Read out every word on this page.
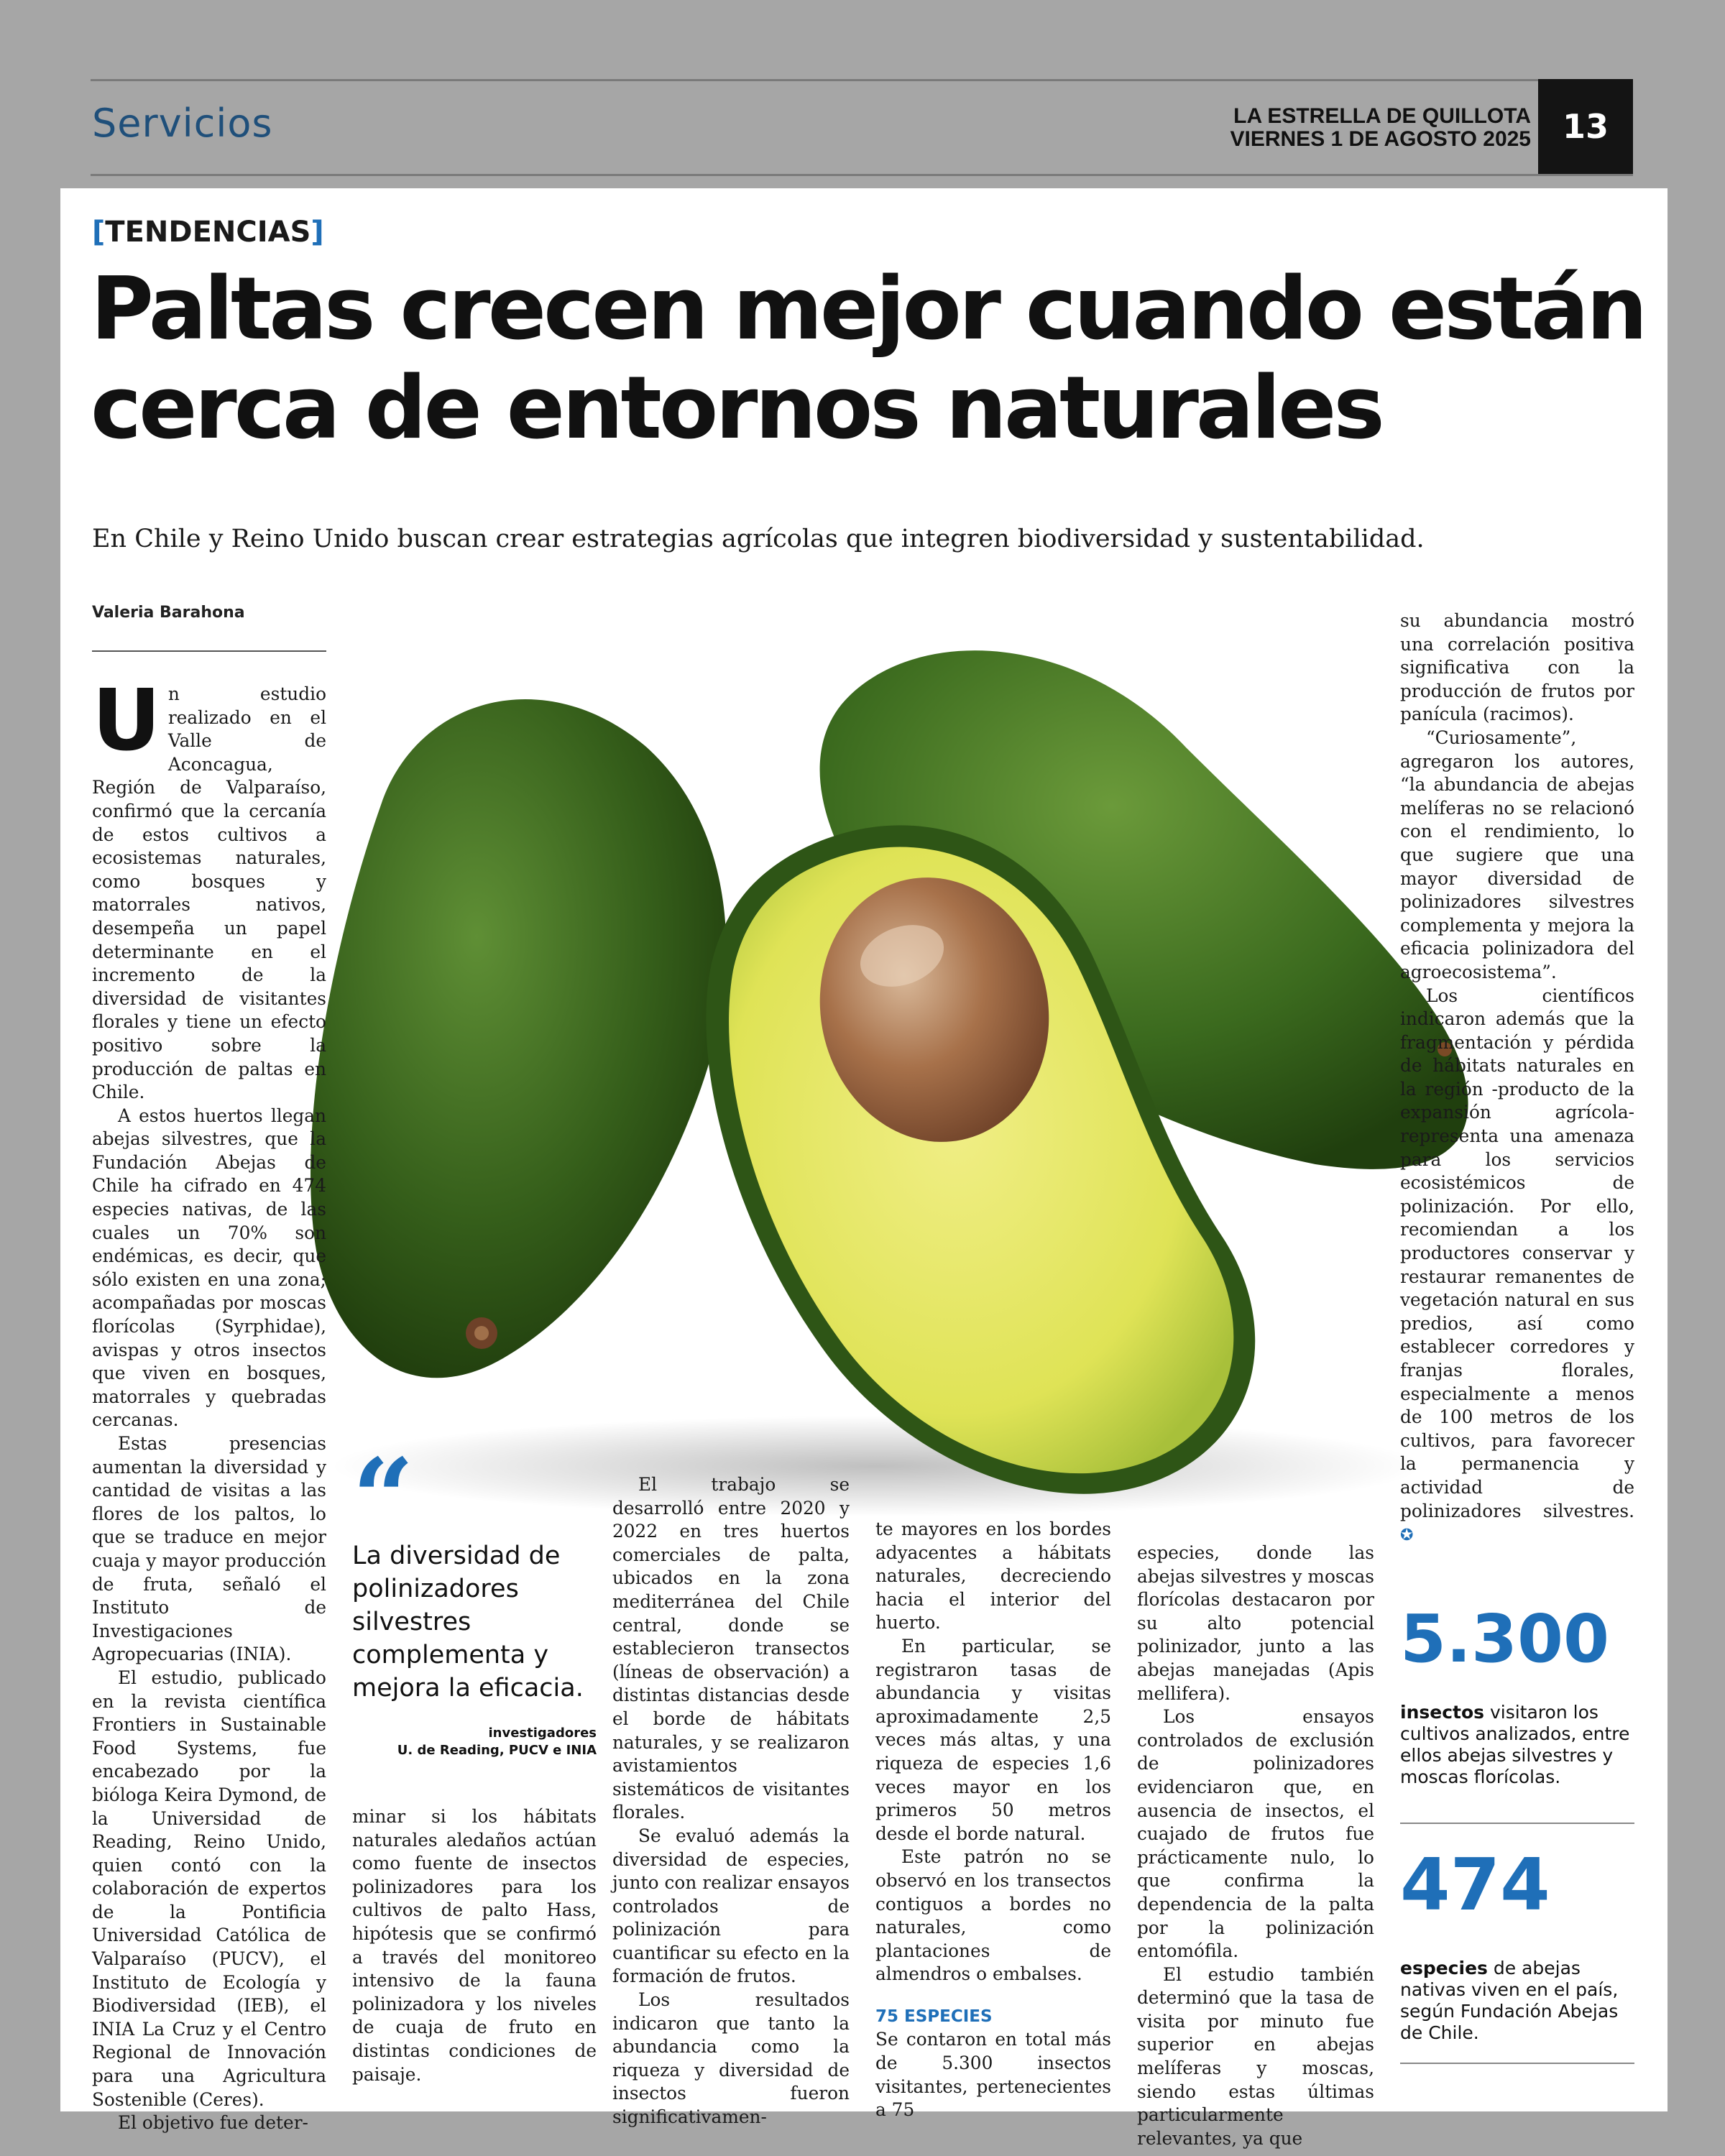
Servicios	LA ESTRELLA DE QUILLOTA
VIERNES 1 DE AGOSTO 2025 13
[TENDENCIAS]
Paltas crecen mejor cuando están
cerca de entornos naturales
En Chile y Reino Unido buscan crear estrategias agrícolas que integren biodiversidad y sustentabilidad.
Valeria Barahona

Un estudio realizado en el Valle de Aconcagua, Región de Valparaíso, confirmó que la cercanía de estos cultivos a ecosistemas naturales, como bosques y matorrales nativos, desempeña un papel determinante en el incremento de la diversidad de visitantes florales y tiene un efecto positivo sobre la producción de paltas en Chile.

A estos huertos llegan abejas silvestres, que la Fundación Abejas de Chile ha cifrado en 474 especies nativas, de las cuales un 70% son endémicas, es decir, que sólo existen en una zona; acompañadas por moscas florícolas (Syrphidae), avispas y otros insectos que viven en bosques, matorrales y quebradas cercanas.

Estas presencias aumentan la diversidad y cantidad de visitas a las flores de los paltos, lo que se traduce en mejor cuaja y mayor producción de fruta, señaló el Instituto de Investigaciones Agropecuarias (INIA).

El estudio, publicado en la revista científica Frontiers in Sustainable Food Systems, fue encabezado por la bióloga Keira Dymond, de la Universidad de Reading, Reino Unido, quien contó con la colaboración de expertos de la Pontificia Universidad Católica de Valparaíso (PUCV), el Instituto de Ecología y Biodiversidad (IEB), el INIA La Cruz y el Centro Regional de Innovación para una Agricultura Sostenible (Ceres).

El objetivo fue deter-

“
La diversidad de polinizadores silvestres complementa y mejora la eficacia.
investigadores
U. de Reading, PUCV e INIA

minar si los hábitats naturales aledaños actúan como fuente de insectos polinizadores para los cultivos de palto Hass, hipótesis que se confirmó a través del monitoreo intensivo de la fauna polinizadora y los niveles de cuaja de fruto en distintas condiciones de paisaje.

El trabajo se desarrolló entre 2020 y 2022 en tres huertos comerciales de palta, ubicados en la zona mediterránea del Chile central, donde se establecieron transectos (líneas de observación) a distintas distancias desde el borde de hábitats naturales, y se realizaron avistamientos sistemáticos de visitantes florales.

Se evaluó además la diversidad de especies, junto con realizar ensayos controlados de polinización para cuantificar su efecto en la formación de frutos.

Los resultados indicaron que tanto la abundancia como la riqueza y diversidad de insectos fueron significativamen-

te mayores en los bordes adyacentes a hábitats naturales, decreciendo hacia el interior del huerto.

En particular, se registraron tasas de abundancia y visitas aproximadamente 2,5 veces más altas, y una riqueza de especies 1,6 veces mayor en los primeros 50 metros desde el borde natural.

Este patrón no se observó en los transectos contiguos a bordes no naturales, como plantaciones de almendros o embalses.

75 ESPECIES

Se contaron en total más de 5.300 insectos visitantes, pertenecientes a 75

especies, donde las abejas silvestres y moscas florícolas destacaron por su alto potencial polinizador, junto a las abejas manejadas (Apis mellifera).

Los ensayos controlados de exclusión de polinizadores evidenciaron que, en ausencia de insectos, el cuajado de frutos fue prácticamente nulo, lo que confirma la dependencia de la palta por la polinización entomófila.

El estudio también determinó que la tasa de visita por minuto fue superior en abejas melíferas y moscas, siendo estas últimas particularmente relevantes, ya que

su abundancia mostró una correlación positiva significativa con la producción de frutos por panícula (racimos).

“Curiosamente”, agregaron los autores, “la abundancia de abejas melíferas no se relacionó con el rendimiento, lo que sugiere que una mayor diversidad de polinizadores silvestres complementa y mejora la eficacia polinizadora del agroecosistema”.

Los científicos indicaron además que la fragmentación y pérdida de hábitats naturales en la región -producto de la expansión agrícola- representa una amenaza para los servicios ecosistémicos de polinización. Por ello, recomiendan a los productores conservar y restaurar remanentes de vegetación natural en sus predios, así como establecer corredores y franjas florales, especialmente a menos de 100 metros de los cultivos, para favorecer la permanencia y actividad de polinizadores silvestres. ✪

5.300
insectos visitaron los cultivos analizados, entre ellos abejas silvestres y moscas florícolas.
474
especies de abejas nativas viven en el país, según Fundación Abejas de Chile.
